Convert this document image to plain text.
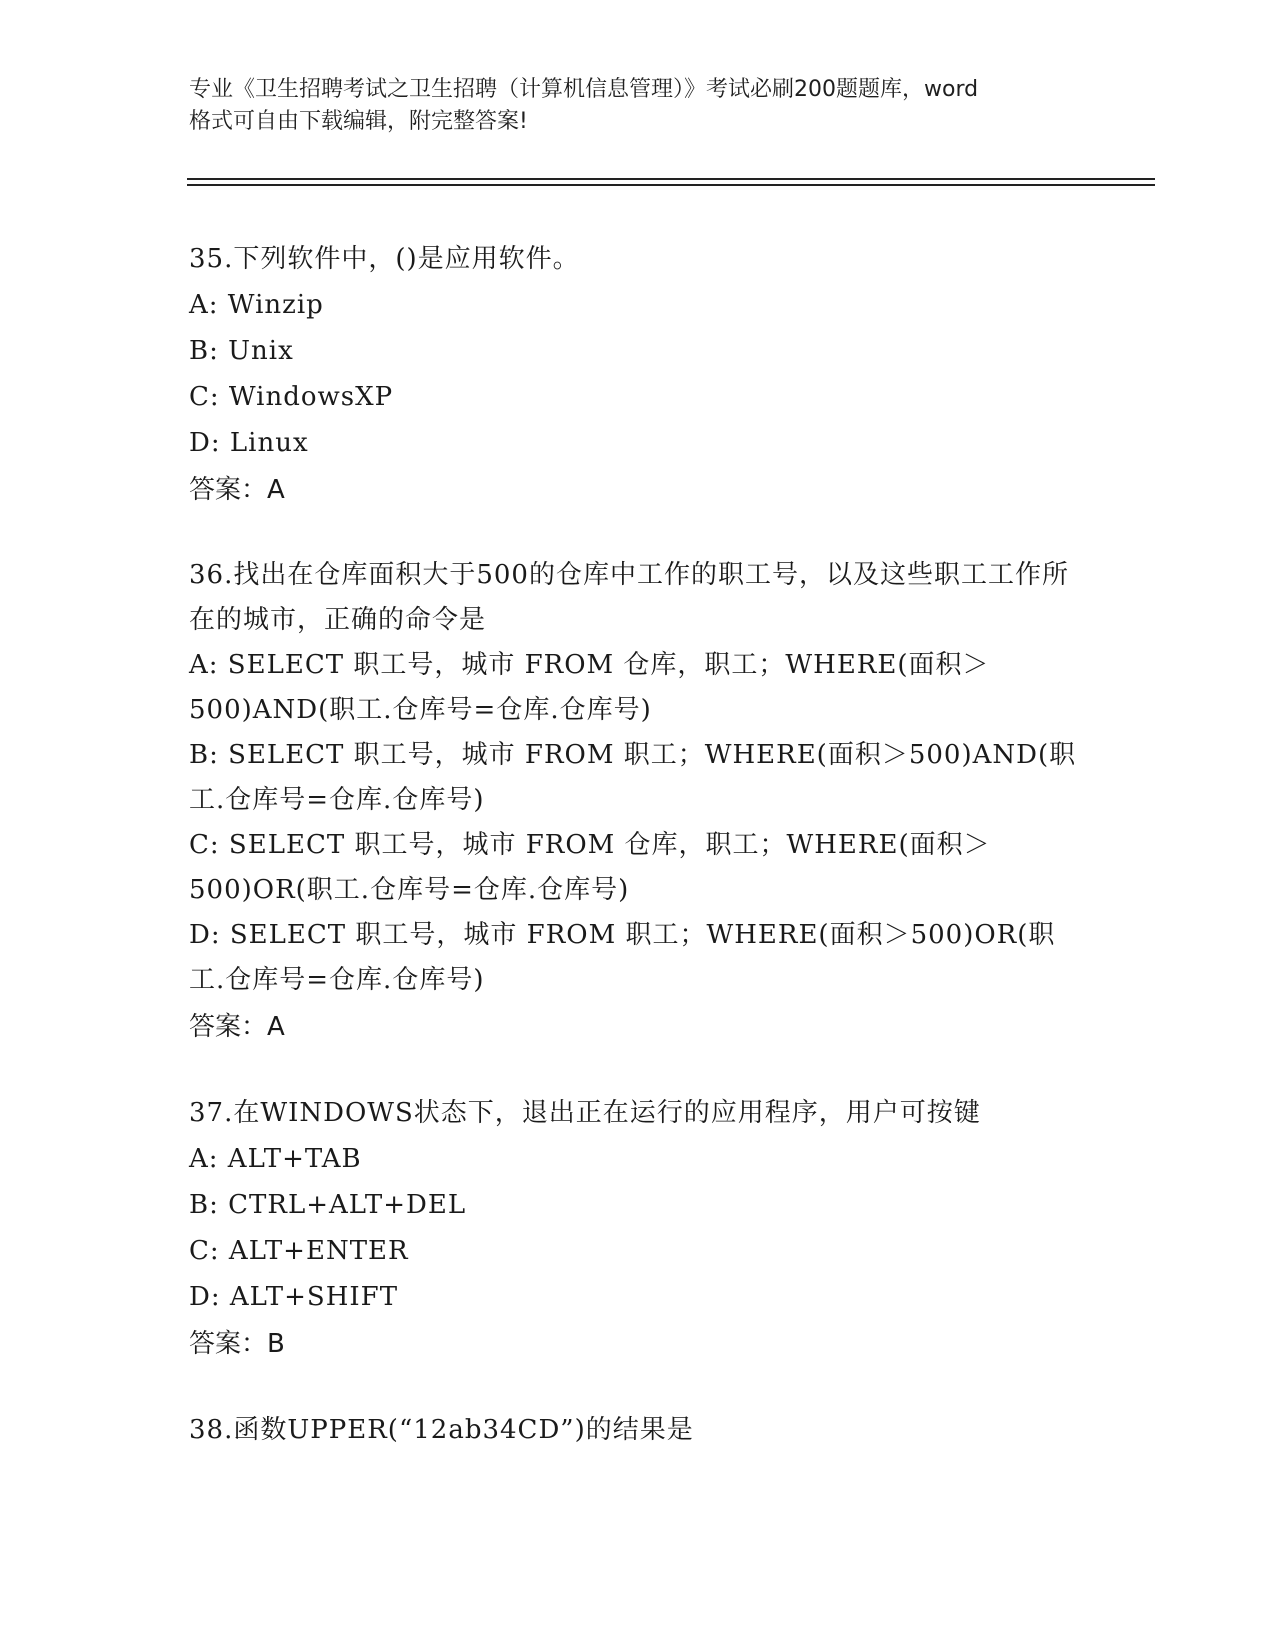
专业《卫生招聘考试之卫生招聘（计算机信息管理）》考试必刷200题题库，word
格式可自由下载编辑，附完整答案!
35.下列软件中，()是应用软件。
A: Winzip
B: Unix
C: WindowsXP
D: Linux
答案：A
36.找出在仓库面积大于500的仓库中工作的职工号，以及这些职工工作所在的城市，正确的命令是
A: SELECT 职工号，城市 FROM 仓库，职工；WHERE(面积＞500)AND(职工.仓库号=仓库.仓库号)
B: SELECT 职工号，城市 FROM 职工；WHERE(面积＞500)AND(职工.仓库号=仓库.仓库号)
C: SELECT 职工号，城市 FROM 仓库，职工；WHERE(面积＞500)OR(职工.仓库号=仓库.仓库号)
D: SELECT 职工号，城市 FROM 职工；WHERE(面积＞500)OR(职工.仓库号=仓库.仓库号)
答案：A
37.在WINDOWS状态下，退出正在运行的应用程序，用户可按键
A: ALT+TAB
B: CTRL+ALT+DEL
C: ALT+ENTER
D: ALT+SHIFT
答案：B
38.函数UPPER(“12ab34CD”)的结果是
